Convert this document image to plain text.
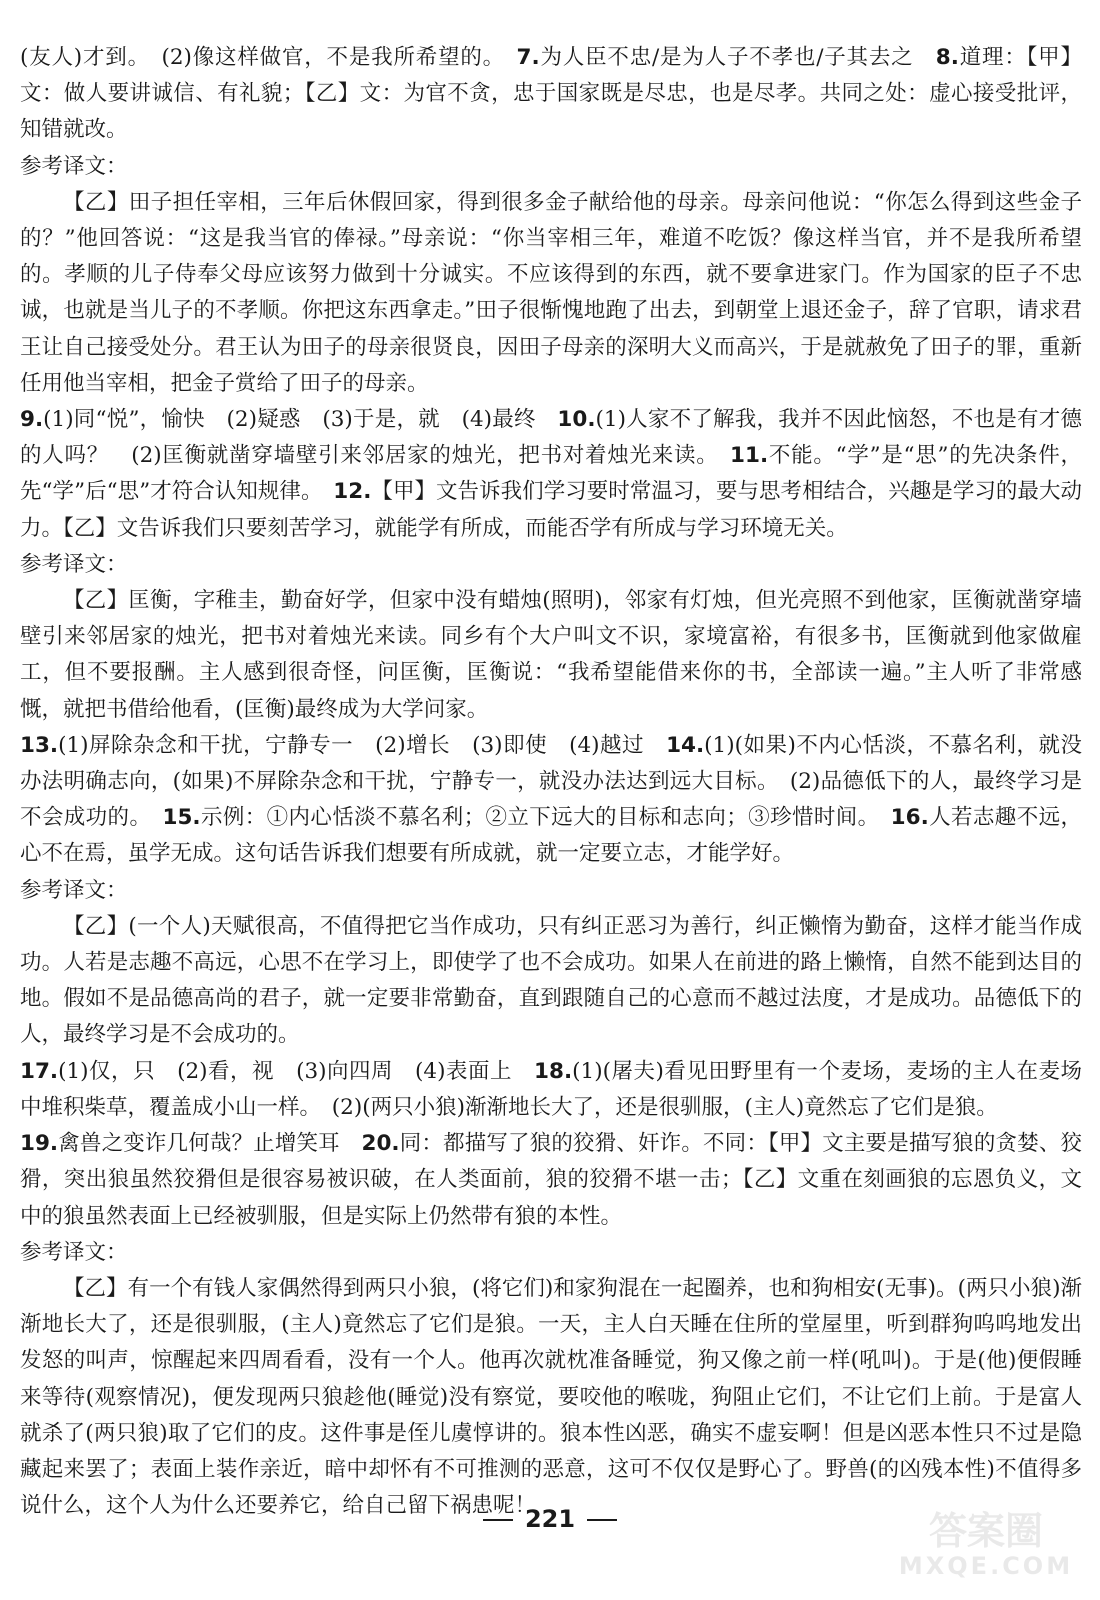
(友人)才到。　(2)像这样做官，不是我所希望的。　7.为人臣不忠/是为人子不孝也/子其去之　8.道理：【甲】文：做人要讲诚信、有礼貌；【乙】文：为官不贪，忠于国家既是尽忠，也是尽孝。共同之处：虚心接受批评，知错就改。

参考译文：

【乙】田子担任宰相，三年后休假回家，得到很多金子献给他的母亲。母亲问他说：“你怎么得到这些金子的？”他回答说：“这是我当官的俸禄。”母亲说：“你当宰相三年，难道不吃饭？像这样当官，并不是我所希望的。孝顺的儿子侍奉父母应该努力做到十分诚实。不应该得到的东西，就不要拿进家门。作为国家的臣子不忠诚，也就是当儿子的不孝顺。你把这东西拿走。”田子很惭愧地跑了出去，到朝堂上退还金子，辞了官职，请求君王让自己接受处分。君王认为田子的母亲很贤良，因田子母亲的深明大义而高兴，于是就赦免了田子的罪，重新任用他当宰相，把金子赏给了田子的母亲。

9.(1)同“悦”，愉快　(2)疑惑　(3)于是，就　(4)最终　10.(1)人家不了解我，我并不因此恼怒，不也是有才德的人吗？　(2)匡衡就凿穿墙壁引来邻居家的烛光，把书对着烛光来读。　11.不能。“学”是“思”的先决条件，先“学”后“思”才符合认知规律。　12.【甲】文告诉我们学习要时常温习，要与思考相结合，兴趣是学习的最大动力。【乙】文告诉我们只要刻苦学习，就能学有所成，而能否学有所成与学习环境无关。

参考译文：

【乙】匡衡，字稚圭，勤奋好学，但家中没有蜡烛(照明)，邻家有灯烛，但光亮照不到他家，匡衡就凿穿墙壁引来邻居家的烛光，把书对着烛光来读。同乡有个大户叫文不识，家境富裕，有很多书，匡衡就到他家做雇工，但不要报酬。主人感到很奇怪，问匡衡，匡衡说：“我希望能借来你的书，全部读一遍。”主人听了非常感慨，就把书借给他看，(匡衡)最终成为大学问家。

13.(1)屏除杂念和干扰，宁静专一　(2)增长　(3)即使　(4)越过　14.(1)(如果)不内心恬淡，不慕名利，就没办法明确志向，(如果)不屏除杂念和干扰，宁静专一，就没办法达到远大目标。　(2)品德低下的人，最终学习是不会成功的。　15.示例：①内心恬淡不慕名利；②立下远大的目标和志向；③珍惜时间。　16.人若志趣不远，心不在焉，虽学无成。这句话告诉我们想要有所成就，就一定要立志，才能学好。

参考译文：

【乙】(一个人)天赋很高，不值得把它当作成功，只有纠正恶习为善行，纠正懒惰为勤奋，这样才能当作成功。人若是志趣不高远，心思不在学习上，即使学了也不会成功。如果人在前进的路上懒惰，自然不能到达目的地。假如不是品德高尚的君子，就一定要非常勤奋，直到跟随自己的心意而不越过法度，才是成功。品德低下的人，最终学习是不会成功的。

17.(1)仅，只　(2)看，视　(3)向四周　(4)表面上　18.(1)(屠夫)看见田野里有一个麦场，麦场的主人在麦场中堆积柴草，覆盖成小山一样。　(2)(两只小狼)渐渐地长大了，还是很驯服，(主人)竟然忘了它们是狼。

19.禽兽之变诈几何哉？止增笑耳　20.同：都描写了狼的狡猾、奸诈。不同：【甲】文主要是描写狼的贪婪、狡猾，突出狼虽然狡猾但是很容易被识破，在人类面前，狼的狡猾不堪一击；【乙】文重在刻画狼的忘恩负义，文中的狼虽然表面上已经被驯服，但是实际上仍然带有狼的本性。

参考译文：

【乙】有一个有钱人家偶然得到两只小狼，(将它们)和家狗混在一起圈养，也和狗相安(无事)。(两只小狼)渐渐地长大了，还是很驯服，(主人)竟然忘了它们是狼。一天，主人白天睡在住所的堂屋里，听到群狗呜呜地发出发怒的叫声，惊醒起来四周看看，没有一个人。他再次就枕准备睡觉，狗又像之前一样(吼叫)。于是(他)便假睡来等待(观察情况)，便发现两只狼趁他(睡觉)没有察觉，要咬他的喉咙，狗阻止它们，不让它们上前。于是富人就杀了(两只狼)取了它们的皮。这件事是侄儿虞惇讲的。狼本性凶恶，确实不虚妄啊！但是凶恶本性只不过是隐藏起来罢了；表面上装作亲近，暗中却怀有不可推测的恶意，这可不仅仅是野心了。野兽(的凶残本性)不值得多说什么，这个人为什么还要养它，给自己留下祸患呢！

221	答案圈
MXQE.COM
